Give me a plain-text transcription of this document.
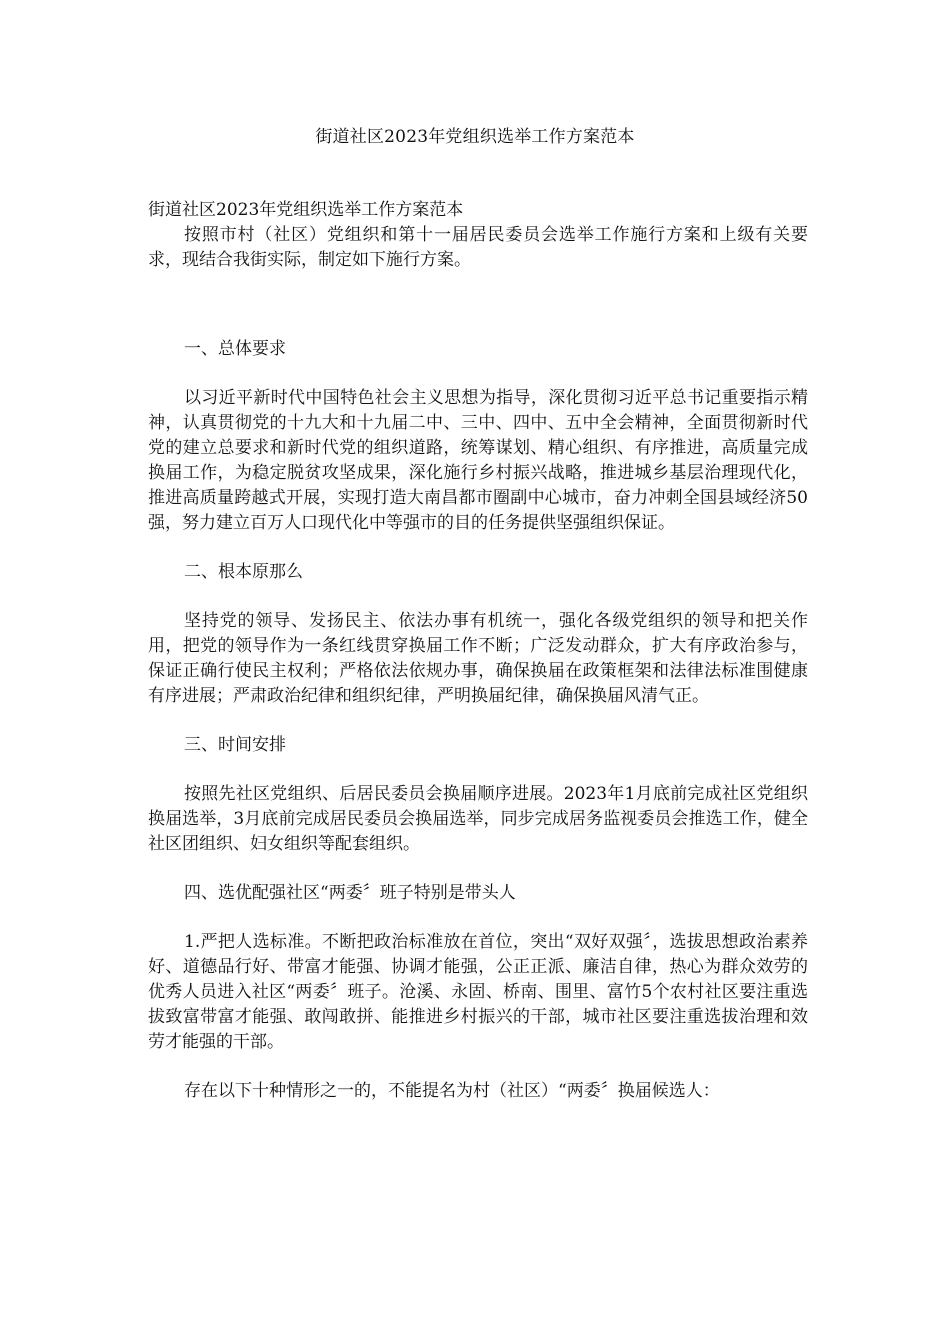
街道社区2023年党组织选举工作方案范本

街道社区2023年党组织选举工作方案范本

按照市村（社区）党组织和第十一届居民委员会选举工作施行方案和上级有关要求，现结合我街实际，制定如下施行方案。

一、总体要求

以习近平新时代中国特色社会主义思想为指导，深化贯彻习近平总书记重要指示精神，认真贯彻党的十九大和十九届二中、三中、四中、五中全会精神，全面贯彻新时代党的建立总要求和新时代党的组织道路，统筹谋划、精心组织、有序推进，高质量完成换届工作，为稳定脱贫攻坚成果，深化施行乡村振兴战略，推进城乡基层治理现代化，推进高质量跨越式开展，实现打造大南昌都市圈副中心城市，奋力冲刺全国县域经济50强，努力建立百万人口现代化中等强市的目的任务提供坚强组织保证。

二、根本原那么

坚持党的领导、发扬民主、依法办事有机统一，强化各级党组织的领导和把关作用，把党的领导作为一条红线贯穿换届工作不断；广泛发动群众，扩大有序政治参与，保证正确行使民主权利；严格依法依规办事，确保换届在政策框架和法律法标准围健康有序进展；严肃政治纪律和组织纪律，严明换届纪律，确保换届风清气正。

三、时间安排

按照先社区党组织、后居民委员会换届顺序进展。2023年1月底前完成社区党组织换届选举，3月底前完成居民委员会换届选举，同步完成居务监视委员会推选工作，健全社区团组织、妇女组织等配套组织。

四、选优配强社区“两委〞班子特别是带头人

1.严把人选标准。不断把政治标准放在首位，突出“双好双强〞，选拔思想政治素养好、道德品行好、带富才能强、协调才能强，公正正派、廉洁自律，热心为群众效劳的优秀人员进入社区“两委〞班子。沧溪、永固、桥南、围里、富竹5个农村社区要注重选拔致富带富才能强、敢闯敢拼、能推进乡村振兴的干部，城市社区要注重选拔治理和效劳才能强的干部。

存在以下十种情形之一的，不能提名为村（社区）“两委〞换届候选人：
